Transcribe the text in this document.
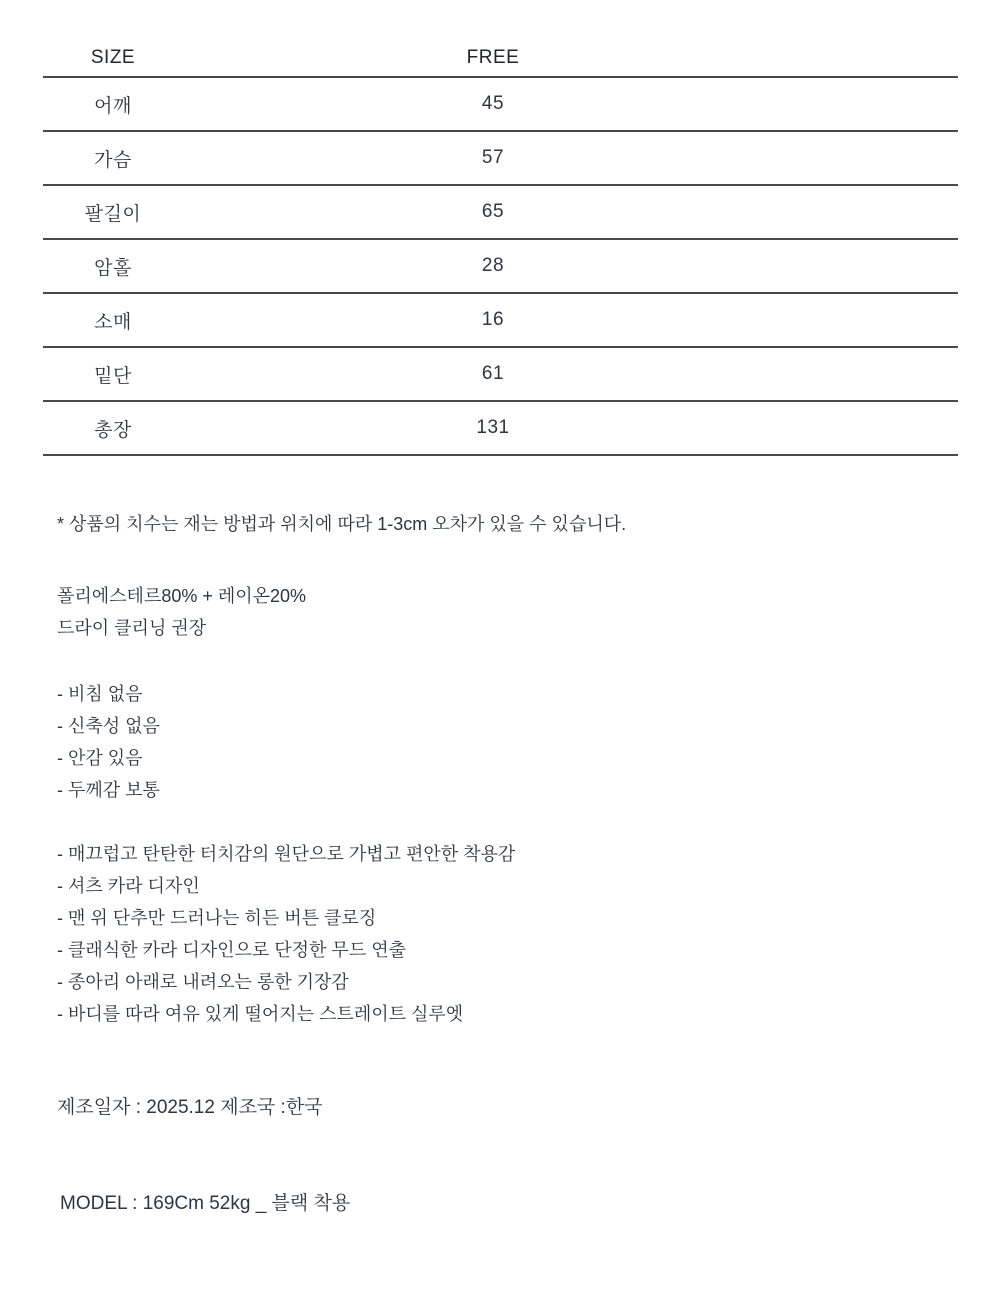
SIZE	FREE
어깨	45
가슴	57
팔길이	65
암홀	28
소매	16
밑단	61
총장	131

* 상품의 치수는 재는 방법과 위치에 따라 1-3cm 오차가 있을 수 있습니다.

폴리에스테르80% + 레이온20%
드라이 클리닝 권장
- 비침 없음
- 신축성 없음
- 안감 있음
- 두께감 보통
- 매끄럽고 탄탄한 터치감의 원단으로 가볍고 편안한 착용감
- 셔츠 카라 디자인
- 맨 위 단추만 드러나는 히든 버튼 클로징
- 클래식한 카라 디자인으로 단정한 무드 연출
- 종아리 아래로 내려오는 롱한 기장감
- 바디를 따라 여유 있게 떨어지는 스트레이트 실루엣

제조일자 : 2025.12 제조국 :한국

MODEL : 169Cm 52kg _ 블랙 착용
